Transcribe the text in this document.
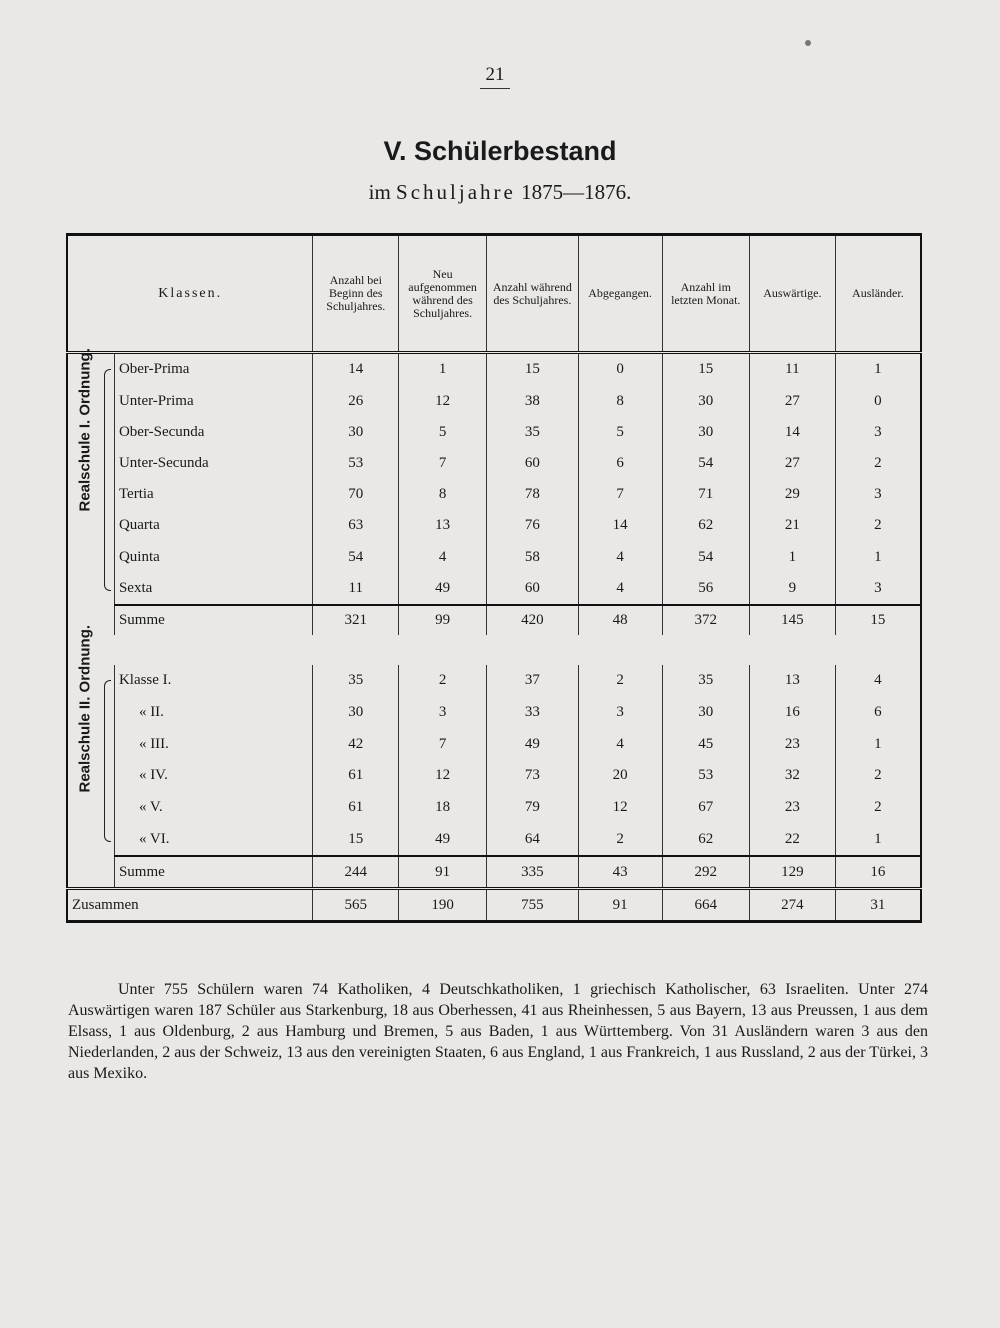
21
V. Schülerbestand
im Schuljahre 1875—1876.
Klassen.			Anzahl bei Beginn des Schuljahres.	Neu aufgenommen während des Schuljahres.	Anzahl während des Schuljahres.	Abgegangen.	Anzahl im letzten Monat.	Auswärtige.	Ausländer.

Realschule I. Ordnung.		Ober-Prima	14	1	15	0	15	11	1
		Unter-Prima	26	12	38	8	30	27	0
		Ober-Secunda	30	5	35	5	30	14	3
		Unter-Secunda	53	7	60	6	54	27	2
		Tertia	70	8	78	7	71	29	3
		Quarta	63	13	76	14	62	21	2
		Quinta	54	4	58	4	54	1	1
		Sexta	11	49	60	4	56	9	3
		Summe	321	99	420	48	372	145	15

Realschule II. Ordnung.		Klasse I.	35	2	37	2	35	13	4
		« II.	30	3	33	3	30	16	6
		« III.	42	7	49	4	45	23	1
		« IV.	61	12	73	20	53	32	2
		« V.	61	18	79	12	67	23	2
		« VI.	15	49	64	2	62	22	1
		Summe	244	91	335	43	292	129	16
Zusammen			565	190	755	91	664	274	31

Unter 755 Schülern waren 74 Katholiken, 4 Deutschkatholiken, 1 griechisch Katholischer, 63 Israeliten. Unter 274 Auswärtigen waren 187 Schüler aus Starkenburg, 18 aus Oberhessen, 41 aus Rheinhessen, 5 aus Bayern, 13 aus Preussen, 1 aus dem Elsass, 1 aus Oldenburg, 2 aus Hamburg und Bremen, 5 aus Baden, 1 aus Württemberg. Von 31 Ausländern waren 3 aus den Niederlanden, 2 aus der Schweiz, 13 aus den vereinigten Staaten, 6 aus England, 1 aus Frankreich, 1 aus Russland, 2 aus der Türkei, 3 aus Mexiko.
